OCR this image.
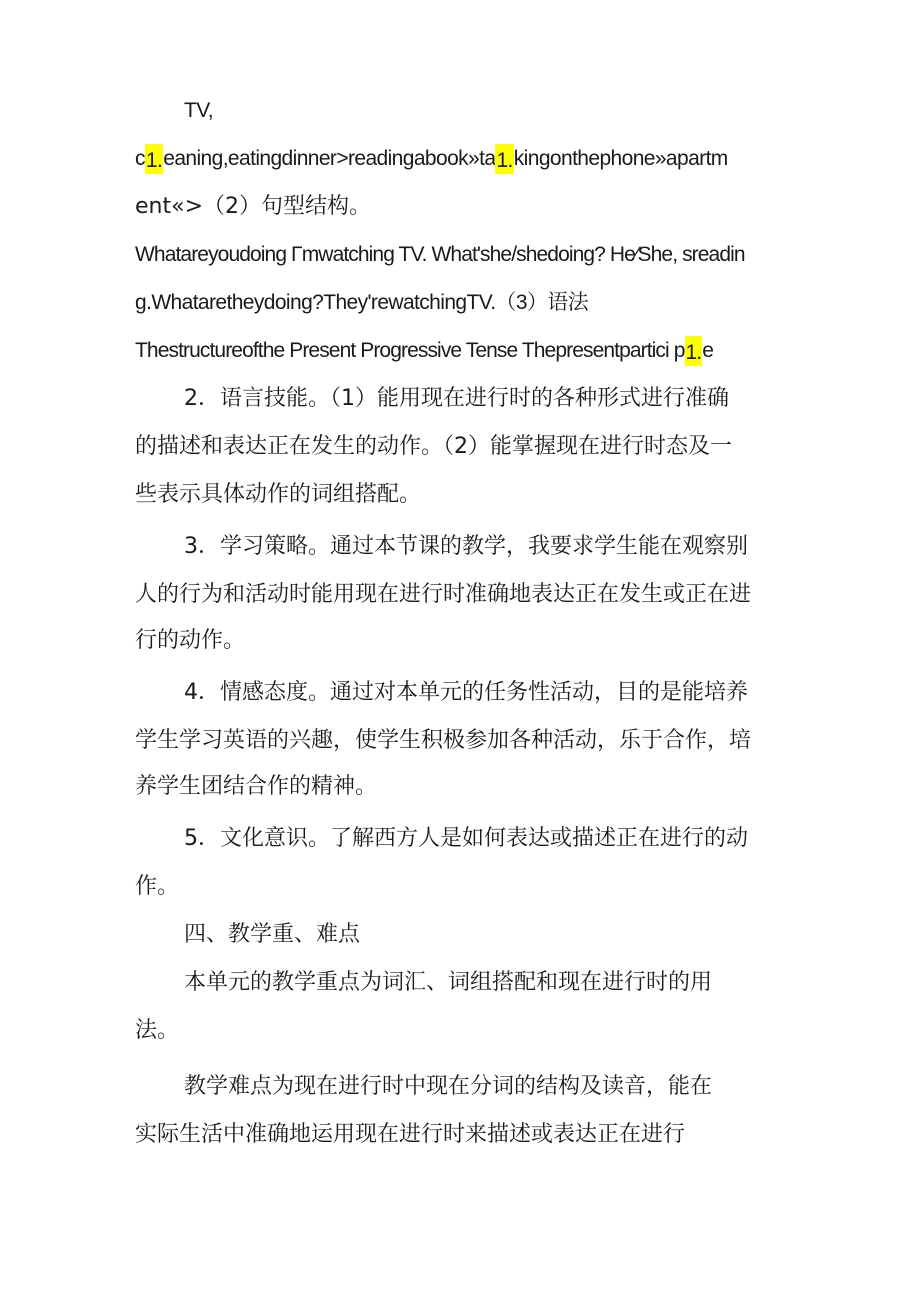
TV,
c 1. eaning,eatingdinner>readingabook»ta 1. kingonthephone»apartm
ent«>（2）句型结构。
Whatareyoudoing Γmwatching TV. What'she/shedoing? He⁄She, sreadin
g.Whataretheydoing?They'rewatchingTV.（3）语法
Thestructureofthe Present Progressive Tense Thepresentpartici p 1. e
2．语言技能。（1）能用现在进行时的各种形式进行准确
的描述和表达正在发生的动作。（2）能掌握现在进行时态及一
些表示具体动作的词组搭配。
3．学习策略。通过本节课的教学，我要求学生能在观察别
人的行为和活动时能用现在进行时准确地表达正在发生或正在进
行的动作。
4．情感态度。通过对本单元的任务性活动，目的是能培养
学生学习英语的兴趣，使学生积极参加各种活动，乐于合作，培
养学生团结合作的精神。
5．文化意识。了解西方人是如何表达或描述正在进行的动
作。
四、教学重、难点
本单元的教学重点为词汇、词组搭配和现在进行时的用
法。
教学难点为现在进行时中现在分词的结构及读音，能在
实际生活中准确地运用现在进行时来描述或表达正在进行
